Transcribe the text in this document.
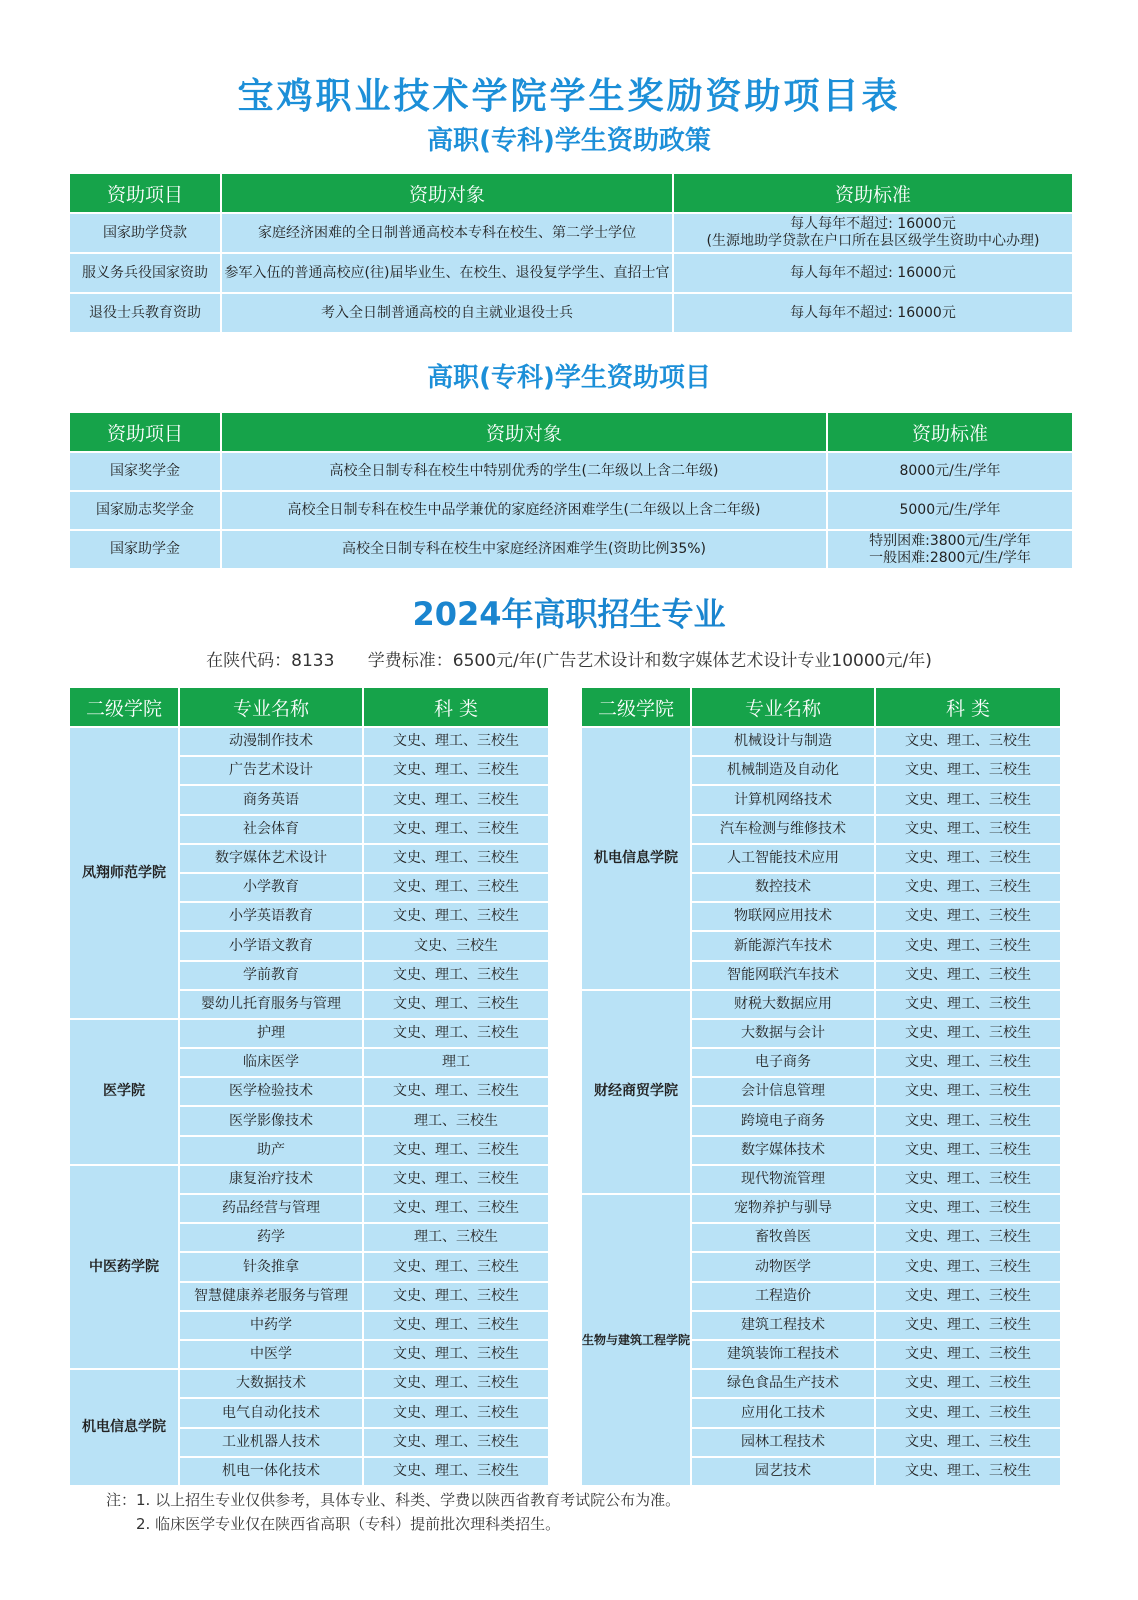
宝鸡职业技术学院学生奖励资助项目表
高职(专科)学生资助政策
资助项目	资助对象	资助标准
国家助学贷款	家庭经济困难的全日制普通高校本专科在校生、第二学士学位	每人每年不超过: 16000元
(生源地助学贷款在户口所在县区级学生资助中心办理)

服义务兵役国家资助	参军入伍的普通高校应(往)届毕业生、在校生、退役复学学生、直招士官	每人每年不超过: 16000元
退役士兵教育资助	考入全日制普通高校的自主就业退役士兵	每人每年不超过: 16000元
高职(专科)学生资助项目
资助项目	资助对象	资助标准
国家奖学金	高校全日制专科在校生中特别优秀的学生(二年级以上含二年级)	8000元/生/学年
国家励志奖学金	高校全日制专科在校生中品学兼优的家庭经济困难学生(二年级以上含二年级)	5000元/生/学年
国家助学金	高校全日制专科在校生中家庭经济困难学生(资助比例35%)	特别困难:3800元/生/学年
一般困难:2800元/生/学年
2024年高职招生专业
在陕代码：8133 学费标准：6500元/年(广告艺术设计和数字媒体艺术设计专业10000元/年)
二级学院	专业名称	科 类
凤翔师范学院	动漫制作技术	文史、理工、三校生
	广告艺术设计	文史、理工、三校生
	商务英语	文史、理工、三校生
	社会体育	文史、理工、三校生
	数字媒体艺术设计	文史、理工、三校生
	小学教育	文史、理工、三校生
	小学英语教育	文史、理工、三校生
	小学语文教育	文史、三校生
	学前教育	文史、理工、三校生
	婴幼儿托育服务与管理	文史、理工、三校生
医学院	护理	文史、理工、三校生
	临床医学	理工
	医学检验技术	文史、理工、三校生
	医学影像技术	理工、三校生
	助产	文史、理工、三校生
中医药学院	康复治疗技术	文史、理工、三校生
	药品经营与管理	文史、理工、三校生
	药学	理工、三校生
	针灸推拿	文史、理工、三校生
	智慧健康养老服务与管理	文史、理工、三校生
	中药学	文史、理工、三校生
	中医学	文史、理工、三校生
机电信息学院	大数据技术	文史、理工、三校生
	电气自动化技术	文史、理工、三校生
	工业机器人技术	文史、理工、三校生
	机电一体化技术	文史、理工、三校生
二级学院	专业名称	科 类
机电信息学院	机械设计与制造	文史、理工、三校生
	机械制造及自动化	文史、理工、三校生
	计算机网络技术	文史、理工、三校生
	汽车检测与维修技术	文史、理工、三校生
	人工智能技术应用	文史、理工、三校生
	数控技术	文史、理工、三校生
	物联网应用技术	文史、理工、三校生
	新能源汽车技术	文史、理工、三校生
	智能网联汽车技术	文史、理工、三校生
财经商贸学院	财税大数据应用	文史、理工、三校生
	大数据与会计	文史、理工、三校生
	电子商务	文史、理工、三校生
	会计信息管理	文史、理工、三校生
	跨境电子商务	文史、理工、三校生
	数字媒体技术	文史、理工、三校生
	现代物流管理	文史、理工、三校生
生物与建筑工程学院	宠物养护与驯导	文史、理工、三校生
	畜牧兽医	文史、理工、三校生
	动物医学	文史、理工、三校生
	工程造价	文史、理工、三校生
	建筑工程技术	文史、理工、三校生
	建筑装饰工程技术	文史、理工、三校生
	绿色食品生产技术	文史、理工、三校生
	应用化工技术	文史、理工、三校生
	园林工程技术	文史、理工、三校生
	园艺技术	文史、理工、三校生
注：1. 以上招生专业仅供参考，具体专业、科类、学费以陕西省教育考试院公布为准。
2. 临床医学专业仅在陕西省高职（专科）提前批次理科类招生。
